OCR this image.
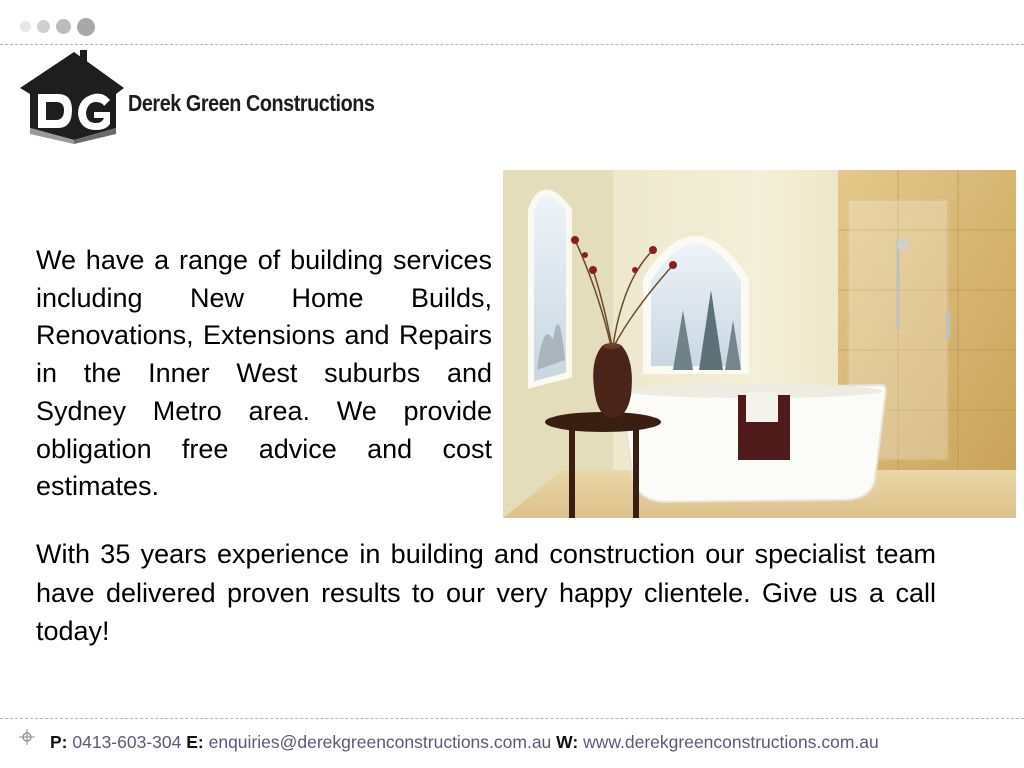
Derek Green Constructions

We have a range of building services including New Home Builds, Renovations, Extensions and Repairs in the Inner West suburbs and Sydney Metro area. We provide obligation free advice and cost estimates.

With 35 years experience in building and construction our specialist team have delivered proven results to our very happy clientele. Give us a call today!

P: 0413-603-304 E: enquiries@derekgreenconstructions.com.au W: www.derekgreenconstructions.com.au
